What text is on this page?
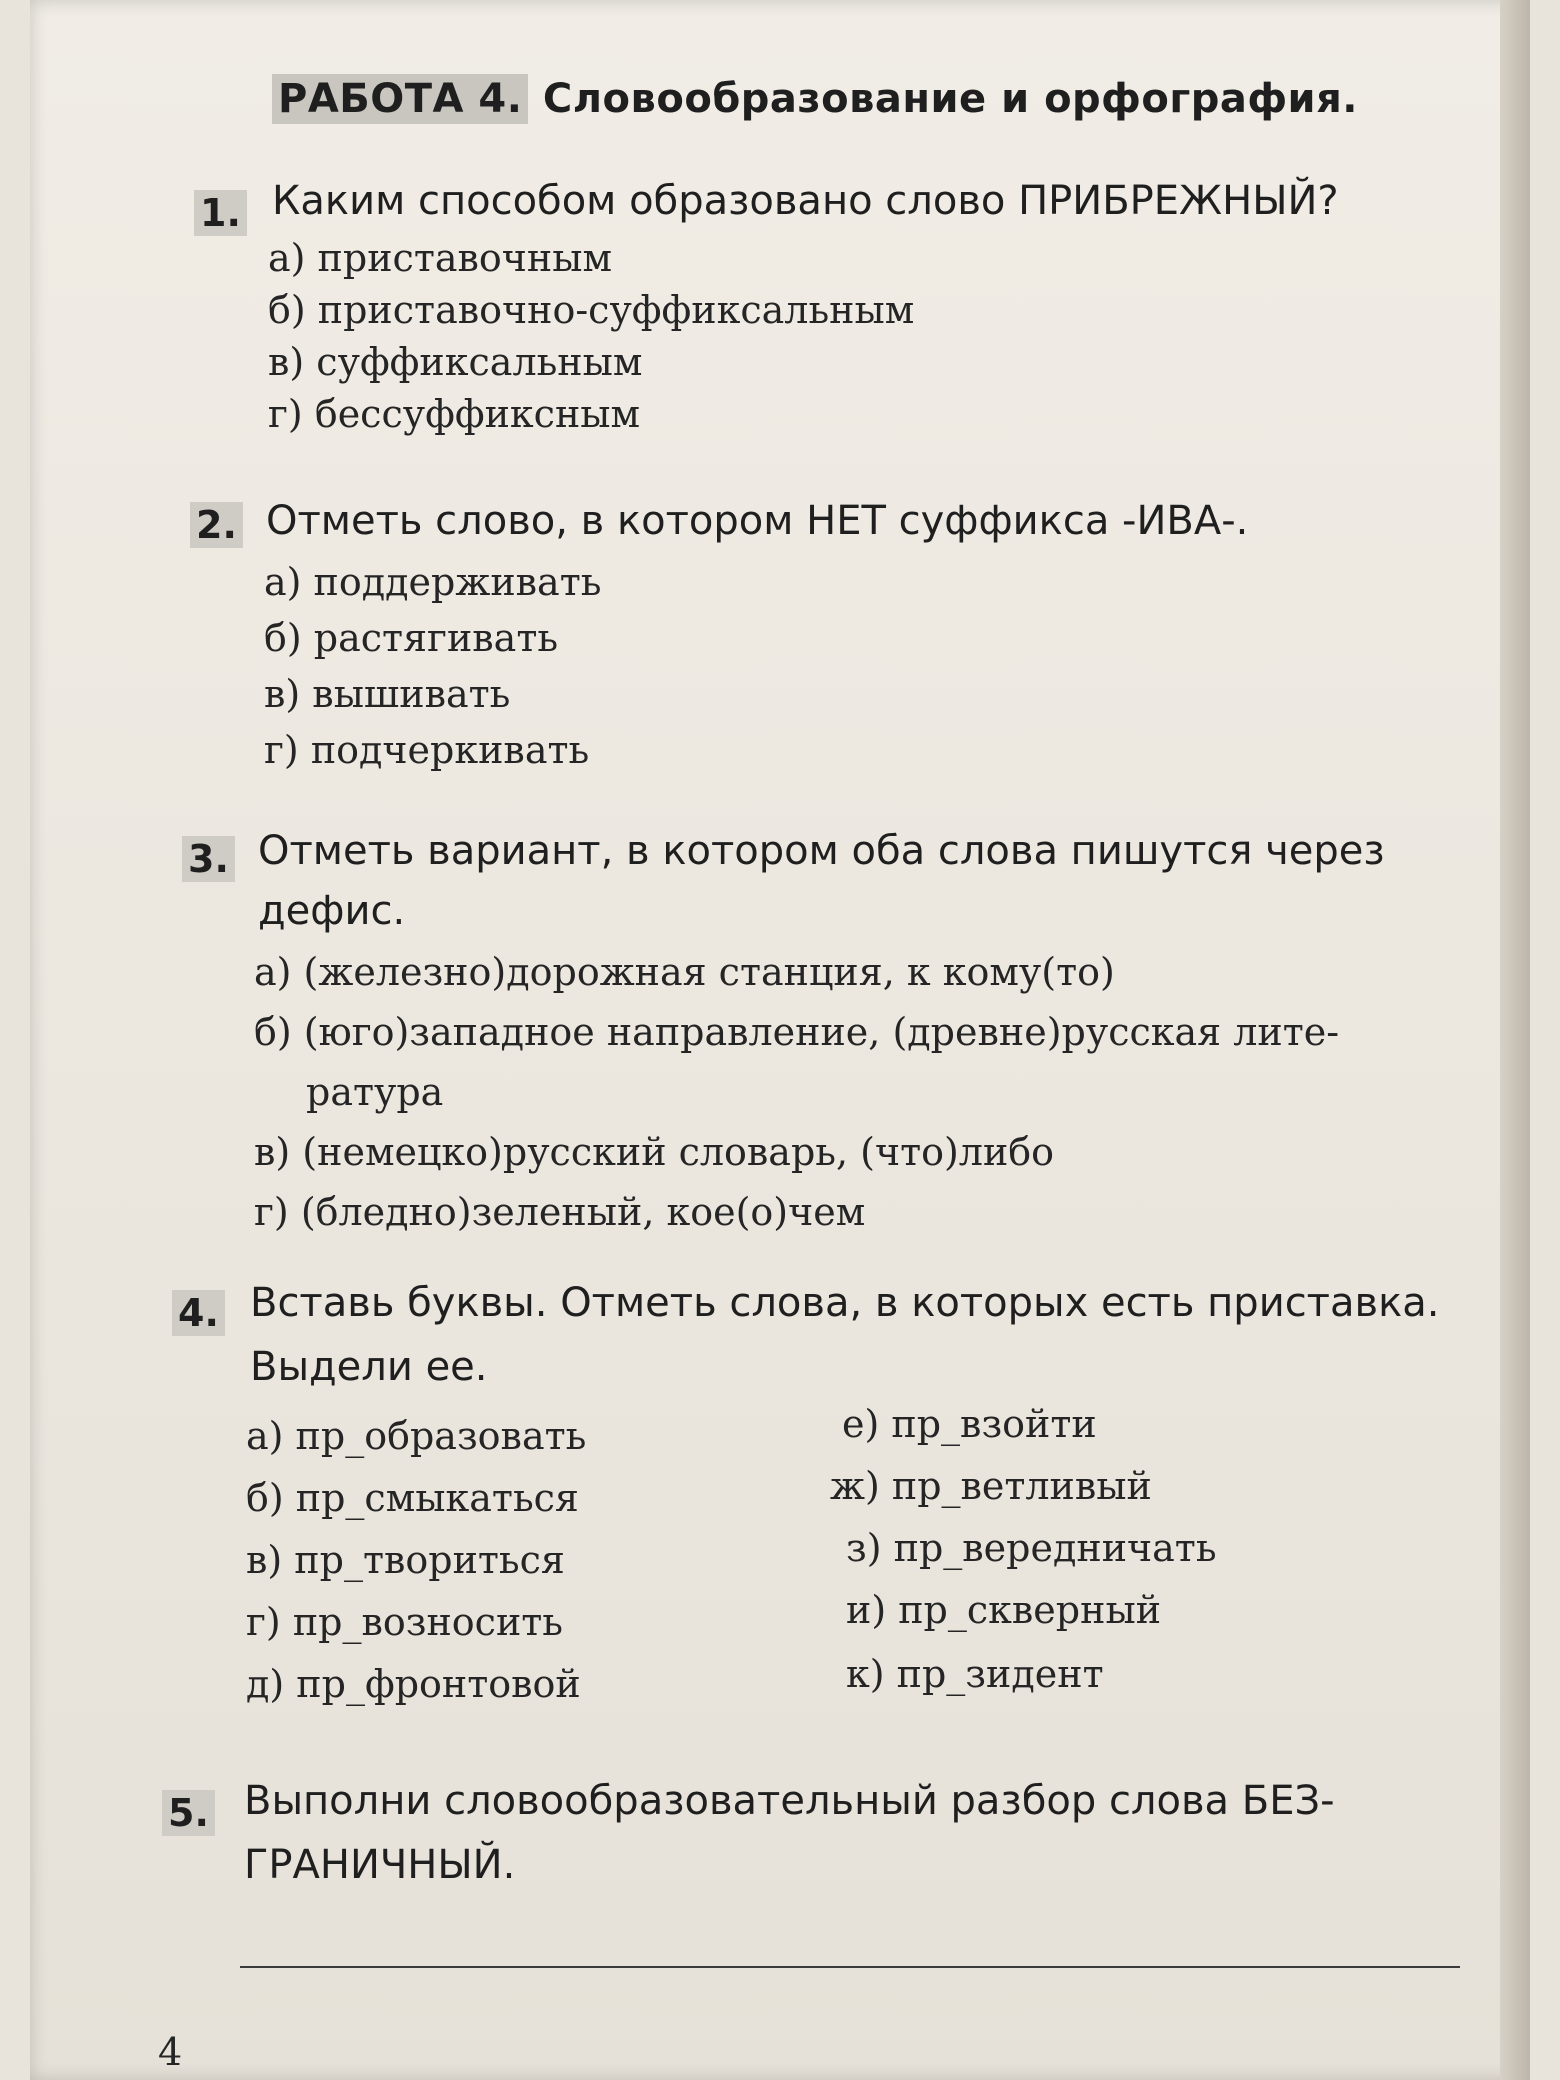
РАБОТА 4. Словообразование и орфография.
1. Каким способом образовано слово ПРИБРЕЖНЫЙ?
а) приставочным
б) приставочно-суффиксальным
в) суффиксальным
г) бессуффиксным
2. Отметь слово, в котором НЕТ суффикса -ИВА-.
а) поддерживать
б) растягивать
в) вышивать
г) подчеркивать
3. Отметь вариант, в котором оба слова пишутся через
дефис.
а) (железно)дорожная станция, к кому(то)
б) (юго)западное направление, (древне)русская лите-
ратура
в) (немецко)русский словарь, (что)либо
г) (бледно)зеленый, кое(о)чем
4. Вставь буквы. Отметь слова, в которых есть приставка.
Выдели ее.
а) пр_образовать
б) пр_смыкаться
в) пр_твориться
г) пр_возносить
д) пр_фронтовой
е) пр_взойти
ж) пр_ветливый
з) пр_вередничать
и) пр_скверный
к) пр_зидент
5. Выполни словообразовательный разбор слова БЕЗ-
ГРАНИЧНЫЙ.
4
